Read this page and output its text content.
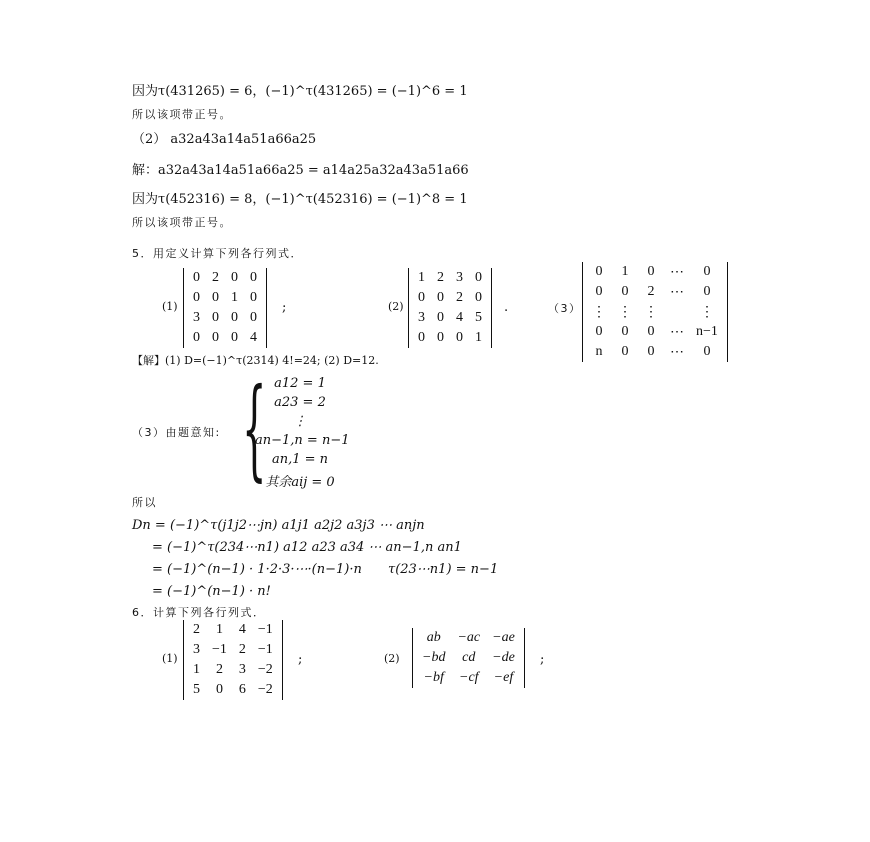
因为τ(431265) = 6，(−1)^τ(431265) = (−1)^6 = 1
所以该项带正号。
（2） a32a43a14a51a66a25
解：a32a43a14a51a66a25 = a14a25a32a43a51a66
因为τ(452316) = 8，(−1)^τ(452316) = (−1)^8 = 1
所以该项带正号。
5．用定义计算下列各行列式．
(1)
0	2	0	0
0	0	1	0
3	0	0	0
0	0	0	4
;	(2)
1	2	3	0
0	0	2	0
3	0	4	5
0	0	0	1
.	（3）
0	1	0	⋯	0
0	0	2	⋯	0
⋮	⋮	⋮		⋮
0	0	0	⋯	n−1
n	0	0	⋯	0
【解】(1) D=(−1)^τ(2314) 4!=24; (2) D=12.
（3）由题意知: { a12 = 1
a23 = 2
⋮
an−1,n = n−1
an,1 = n
其余aij = 0
所以
Dn = (−1)^τ(j1j2⋯jn) a1j1 a2j2 a3j3 ⋯ anjn
= (−1)^τ(234⋯n1) a12 a23 a34 ⋯ an−1,n an1
= (−1)^(n−1) · 1·2·3·⋯·(n−1)·n τ(23⋯n1) = n−1
= (−1)^(n−1) · n!
6．计算下列各行列式．
(1)
2	1	4	−1
3	−1	2	−1
1	2	3	−2
5	0	6	−2
;	(2)
ab	−ac	−ae
−bd	cd	−de
−bf	−cf	−ef
;
